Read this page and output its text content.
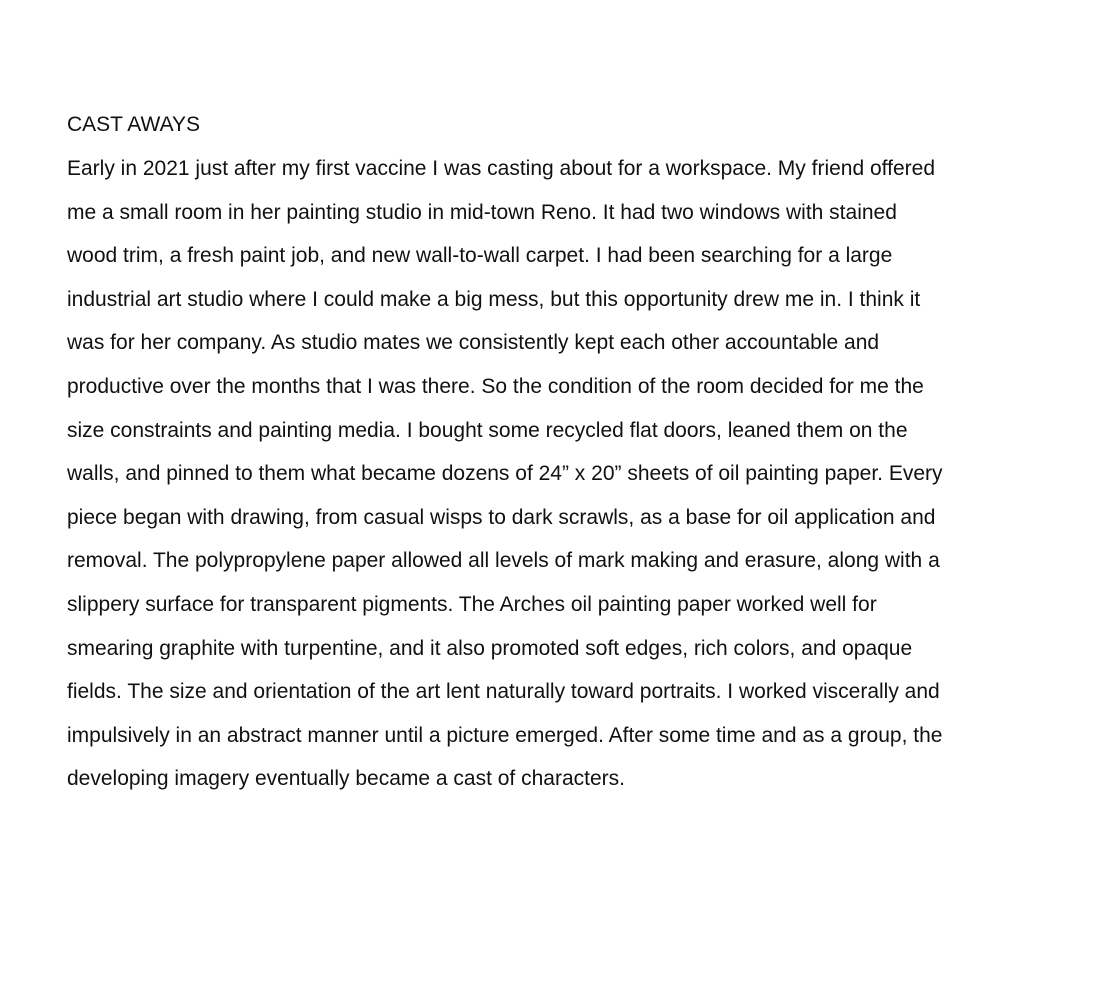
CAST AWAYS

Early in 2021 just after my first vaccine I was casting about for a workspace. My friend offered
me a small room in her painting studio in mid-town Reno. It had two windows with stained
wood trim, a fresh paint job, and new wall-to-wall carpet. I had been searching for a large
industrial art studio where I could make a big mess, but this opportunity drew me in. I think it
was for her company. As studio mates we consistently kept each other accountable and
productive over the months that I was there. So the condition of the room decided for me the
size constraints and painting media. I bought some recycled flat doors, leaned them on the
walls, and pinned to them what became dozens of 24” x 20” sheets of oil painting paper. Every
piece began with drawing, from casual wisps to dark scrawls, as a base for oil application and
removal. The polypropylene paper allowed all levels of mark making and erasure, along with a
slippery surface for transparent pigments. The Arches oil painting paper worked well for
smearing graphite with turpentine, and it also promoted soft edges, rich colors, and opaque
fields. The size and orientation of the art lent naturally toward portraits. I worked viscerally and
impulsively in an abstract manner until a picture emerged. After some time and as a group, the
developing imagery eventually became a cast of characters.
